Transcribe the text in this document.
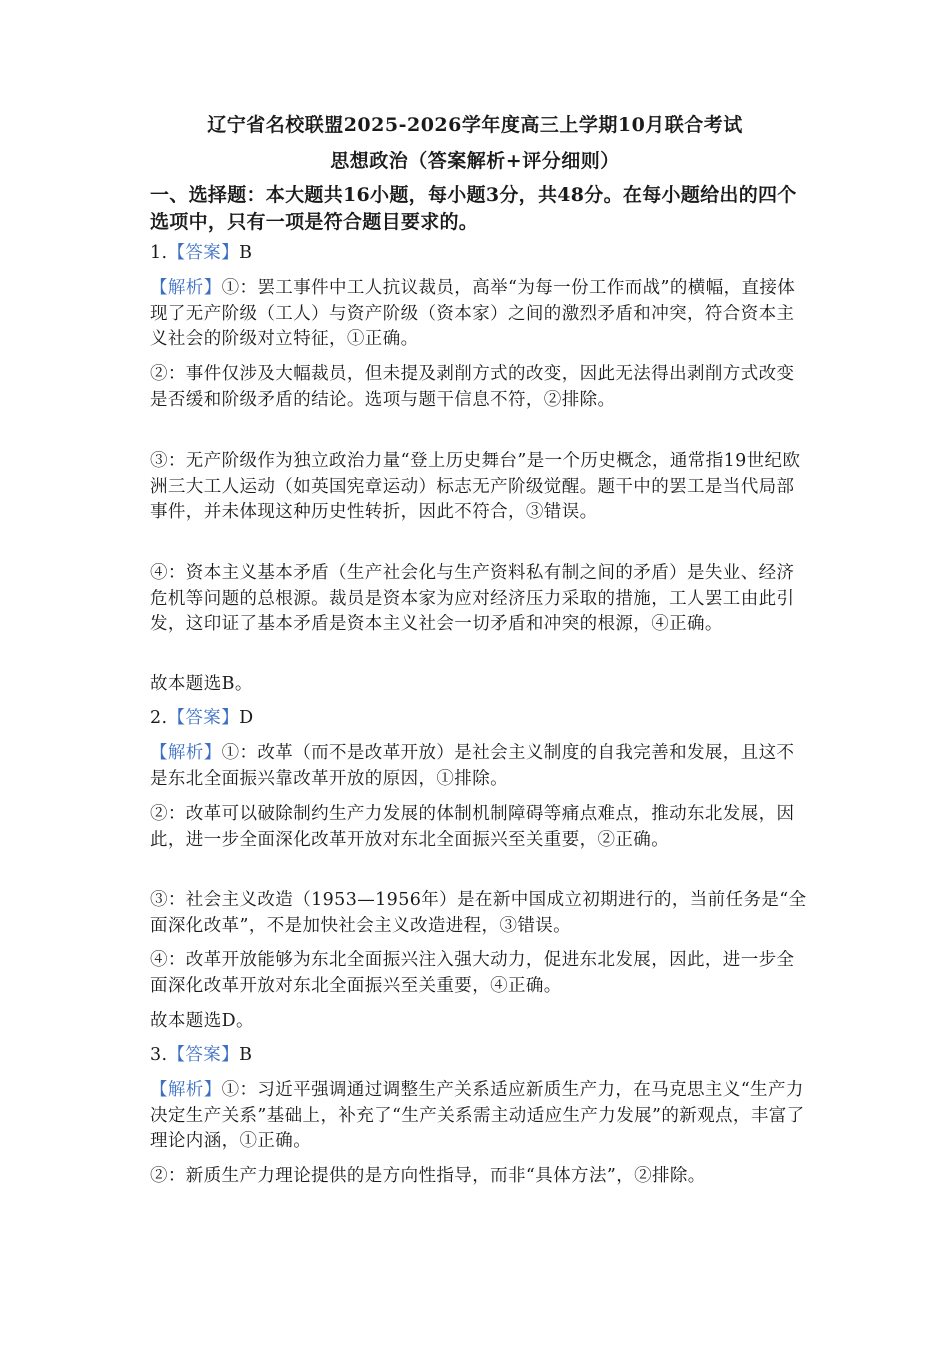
辽宁省名校联盟2025-2026学年度高三上学期10月联合考试
思想政治（答案解析+评分细则）
一、选择题：本大题共16小题，每小题3分，共48分。在每小题给出的四个选项中，只有一项是符合题目要求的。
1.【答案】B
【解析】①：罢工事件中工人抗议裁员，高举“为每一份工作而战”的横幅，直接体现了无产阶级（工人）与资产阶级（资本家）之间的激烈矛盾和冲突，符合资本主义社会的阶级对立特征，①正确。
②：事件仅涉及大幅裁员，但未提及剥削方式的改变，因此无法得出剥削方式改变是否缓和阶级矛盾的结论。选项与题干信息不符，②排除。
③：无产阶级作为独立政治力量“登上历史舞台”是一个历史概念，通常指19世纪欧洲三大工人运动（如英国宪章运动）标志无产阶级觉醒。题干中的罢工是当代局部事件，并未体现这种历史性转折，因此不符合，③错误。
④：资本主义基本矛盾（生产社会化与生产资料私有制之间的矛盾）是失业、经济危机等问题的总根源。裁员是资本家为应对经济压力采取的措施，工人罢工由此引发，这印证了基本矛盾是资本主义社会一切矛盾和冲突的根源，④正确。
故本题选B。
2.【答案】D
【解析】①：改革（而不是改革开放）是社会主义制度的自我完善和发展，且这不是东北全面振兴靠改革开放的原因，①排除。
②：改革可以破除制约生产力发展的体制机制障碍等痛点难点，推动东北发展，因此，进一步全面深化改革开放对东北全面振兴至关重要，②正确。
③：社会主义改造（1953—1956年）是在新中国成立初期进行的，当前任务是“全面深化改革”，不是加快社会主义改造进程，③错误。
④：改革开放能够为东北全面振兴注入强大动力，促进东北发展，因此，进一步全面深化改革开放对东北全面振兴至关重要，④正确。
故本题选D。
3.【答案】B
【解析】①：习近平强调通过调整生产关系适应新质生产力，在马克思主义“生产力决定生产关系”基础上，补充了“生产关系需主动适应生产力发展”的新观点，丰富了理论内涵，①正确。
②：新质生产力理论提供的是方向性指导，而非“具体方法”，②排除。
